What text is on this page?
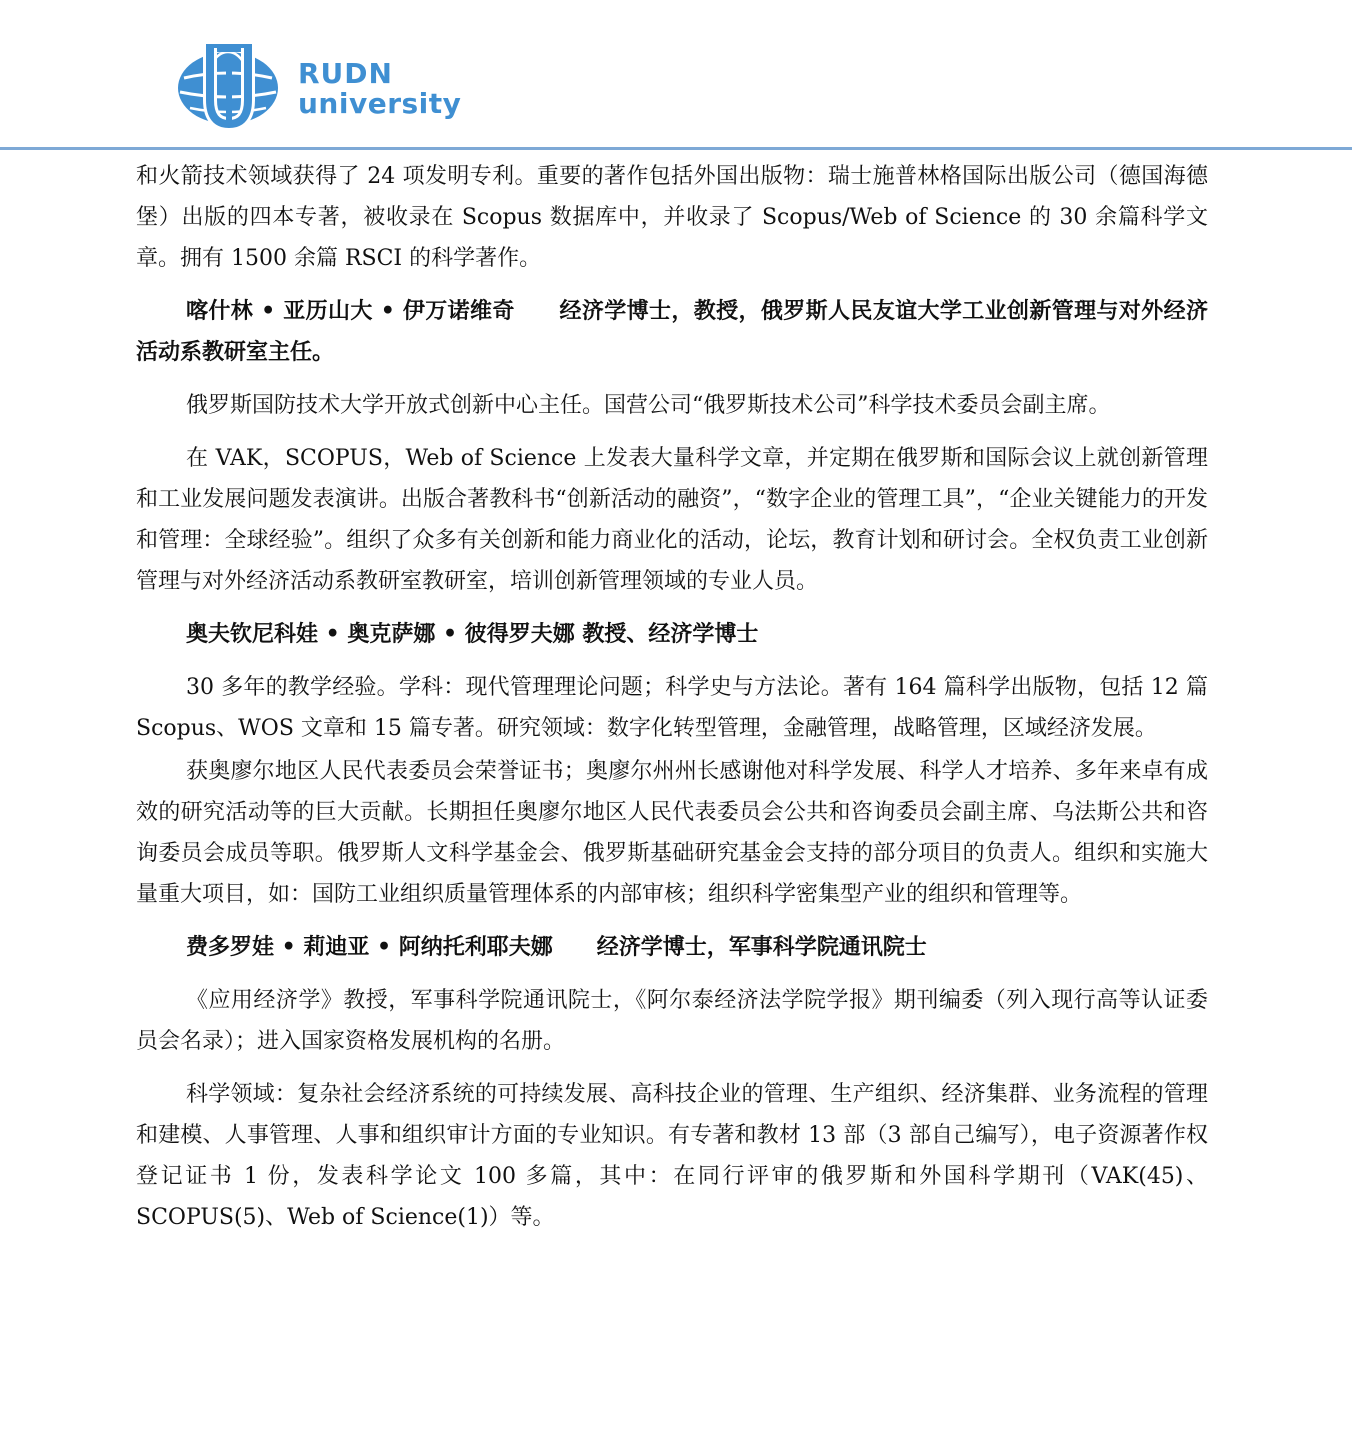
RUDN
university

和火箭技术领域获得了 24 项发明专利。重要的著作包括外国出版物：瑞士施普林格国际出版公司（德国海德堡）出版的四本专著，被收录在 Scopus 数据库中，并收录了 Scopus/Web of Science 的 30 余篇科学文章。拥有 1500 余篇 RSCI 的科学著作。

喀什林 • 亚历山大 • 伊万诺维奇　　经济学博士，教授，俄罗斯人民友谊大学工业创新管理与对外经济活动系教研室主任。

俄罗斯国防技术大学开放式创新中心主任。国营公司“俄罗斯技术公司”科学技术委员会副主席。

在 VAK，SCOPUS，Web of Science 上发表大量科学文章，并定期在俄罗斯和国际会议上就创新管理和工业发展问题发表演讲。出版合著教科书“创新活动的融资”，“数字企业的管理工具”，“企业关键能力的开发和管理：全球经验”。组织了众多有关创新和能力商业化的活动，论坛，教育计划和研讨会。全权负责工业创新管理与对外经济活动系教研室教研室，培训创新管理领域的专业人员。

奥夫钦尼科娃 • 奥克萨娜 • 彼得罗夫娜 教授、经济学博士

30 多年的教学经验。学科：现代管理理论问题；科学史与方法论。著有 164 篇科学出版物，包括 12 篇 Scopus、WOS 文章和 15 篇专著。研究领域：数字化转型管理，金融管理，战略管理，区域经济发展。

获奥廖尔地区人民代表委员会荣誉证书；奥廖尔州州长感谢他对科学发展、科学人才培养、多年来卓有成效的研究活动等的巨大贡献。长期担任奥廖尔地区人民代表委员会公共和咨询委员会副主席、乌法斯公共和咨询委员会成员等职。俄罗斯人文科学基金会、俄罗斯基础研究基金会支持的部分项目的负责人。组织和实施大量重大项目，如：国防工业组织质量管理体系的内部审核；组织科学密集型产业的组织和管理等。

费多罗娃 • 莉迪亚 • 阿纳托利耶夫娜　　经济学博士，军事科学院通讯院士

《应用经济学》教授，军事科学院通讯院士，《阿尔泰经济法学院学报》期刊编委（列入现行高等认证委员会名录）；进入国家资格发展机构的名册。

科学领域：复杂社会经济系统的可持续发展、高科技企业的管理、生产组织、经济集群、业务流程的管理和建模、人事管理、人事和组织审计方面的专业知识。有专著和教材 13 部（3 部自己编写），电子资源著作权登记证书 1 份，发表科学论文 100 多篇，其中：在同行评审的俄罗斯和外国科学期刊（VAK(45)、SCOPUS(5)、Web of Science(1)）等。
